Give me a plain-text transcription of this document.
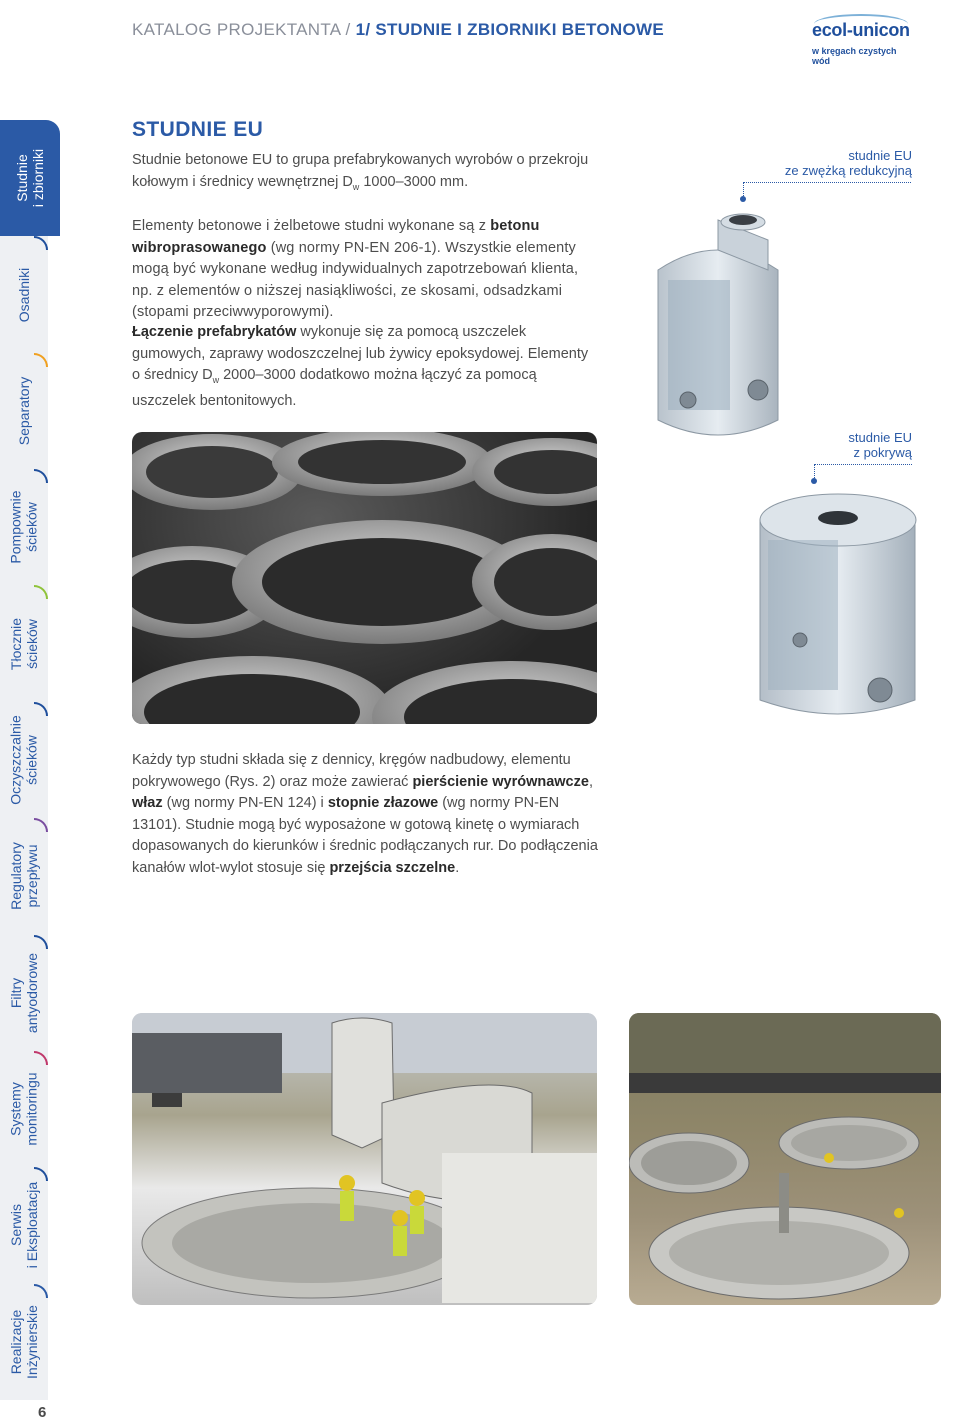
KATALOG PROJEKTANTA / 1/ STUDNIE I ZBIORNIKI BETONOWE	ecol-unicon
w kręgach czystych wód
Studnie
i zbiorniki
Osadniki
Separatory
Pompownie
ścieków
Tłocznie
ścieków
Oczyszczalnie
ścieków
Regulatory
przepływu
Filtry
antyodorowe
Systemy
monitoringu
Serwis
i Eksploatacja
Realizacje
Inżynierskie
6
STUDNIE EU
Studnie betonowe EU to grupa prefabrykowanych wyrobów o przekroju kołowym i średnicy wewnętrznej $D_w$ 1000–3000 mm.
Elementy betonowe i żelbetowe studni wykonane są z betonu wibroprasowanego (wg normy PN-EN 206-1). Wszystkie elementy mogą być wykonane według indywidualnych zapotrzebowań klienta, np. z elementów o niższej nasiąkliwości, ze skosami, odsadzkami (stopami przeciwwyporowymi).
Łączenie prefabrykatów wykonuje się za pomocą uszczelek gumowych, zaprawy wodoszczelnej lub żywicy epoksydowej. Elementy o średnicy $D_w$ 2000–3000 dodatkowo można łączyć za pomocą uszczelek bentonitowych.
Każdy typ studni składa się z dennicy, kręgów nadbudowy, elementu pokrywowego (Rys. 2) oraz może zawierać pierścienie wyrównawcze, właz (wg normy PN-EN 124) i stopnie złazowe (wg normy PN-EN 13101). Studnie mogą być wyposażone w gotową kinetę o wymiarach dopasowanych do kierunków i średnic podłączanych rur. Do podłączenia kanałów wlot-wylot stosuje się przejścia szczelne.
studnie EU
ze zwężką redukcyjną
studnie EU
z pokrywą
